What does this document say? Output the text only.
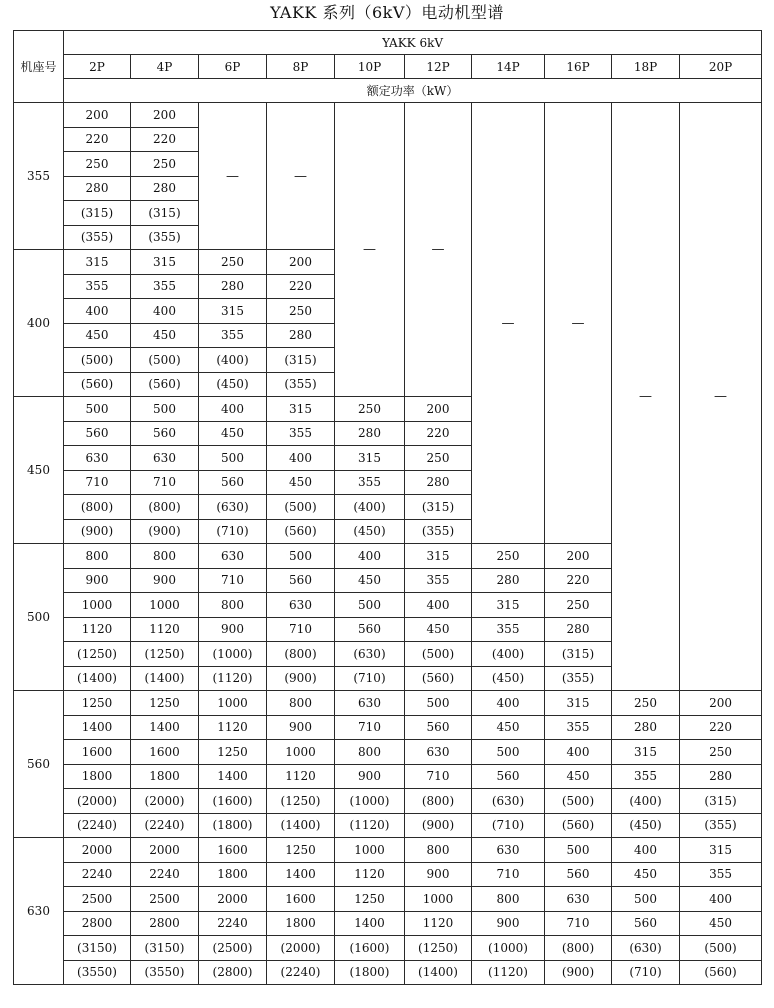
YAKK 系列（6kV）电动机型谱
机座号	YAKK 6kV									
	2P	4P	6P	8P	10P	12P	14P	16P	18P	20P
	额定功率（kW）									
355	200	200	—	—	—	—	—	—	—	—
	220	220								
	250	250								
	280	280								
	(315)	(315)								
	(355)	(355)								
400	315	315	250	200						
	355	355	280	220						
	400	400	315	250						
	450	450	355	280						
	(500)	(500)	(400)	(315)						
	(560)	(560)	(450)	(355)						
450	500	500	400	315	250	200				
	560	560	450	355	280	220				
	630	630	500	400	315	250				
	710	710	560	450	355	280				
	(800)	(800)	(630)	(500)	(400)	(315)				
	(900)	(900)	(710)	(560)	(450)	(355)				
500	800	800	630	500	400	315	250	200		
	900	900	710	560	450	355	280	220		
	1000	1000	800	630	500	400	315	250		
	1120	1120	900	710	560	450	355	280		
	(1250)	(1250)	(1000)	(800)	(630)	(500)	(400)	(315)		
	(1400)	(1400)	(1120)	(900)	(710)	(560)	(450)	(355)		
560	1250	1250	1000	800	630	500	400	315	250	200
	1400	1400	1120	900	710	560	450	355	280	220
	1600	1600	1250	1000	800	630	500	400	315	250
	1800	1800	1400	1120	900	710	560	450	355	280
	(2000)	(2000)	(1600)	(1250)	(1000)	(800)	(630)	(500)	(400)	(315)
	(2240)	(2240)	(1800)	(1400)	(1120)	(900)	(710)	(560)	(450)	(355)
630	2000	2000	1600	1250	1000	800	630	500	400	315
	2240	2240	1800	1400	1120	900	710	560	450	355
	2500	2500	2000	1600	1250	1000	800	630	500	400
	2800	2800	2240	1800	1400	1120	900	710	560	450
	(3150)	(3150)	(2500)	(2000)	(1600)	(1250)	(1000)	(800)	(630)	(500)
	(3550)	(3550)	(2800)	(2240)	(1800)	(1400)	(1120)	(900)	(710)	(560)
